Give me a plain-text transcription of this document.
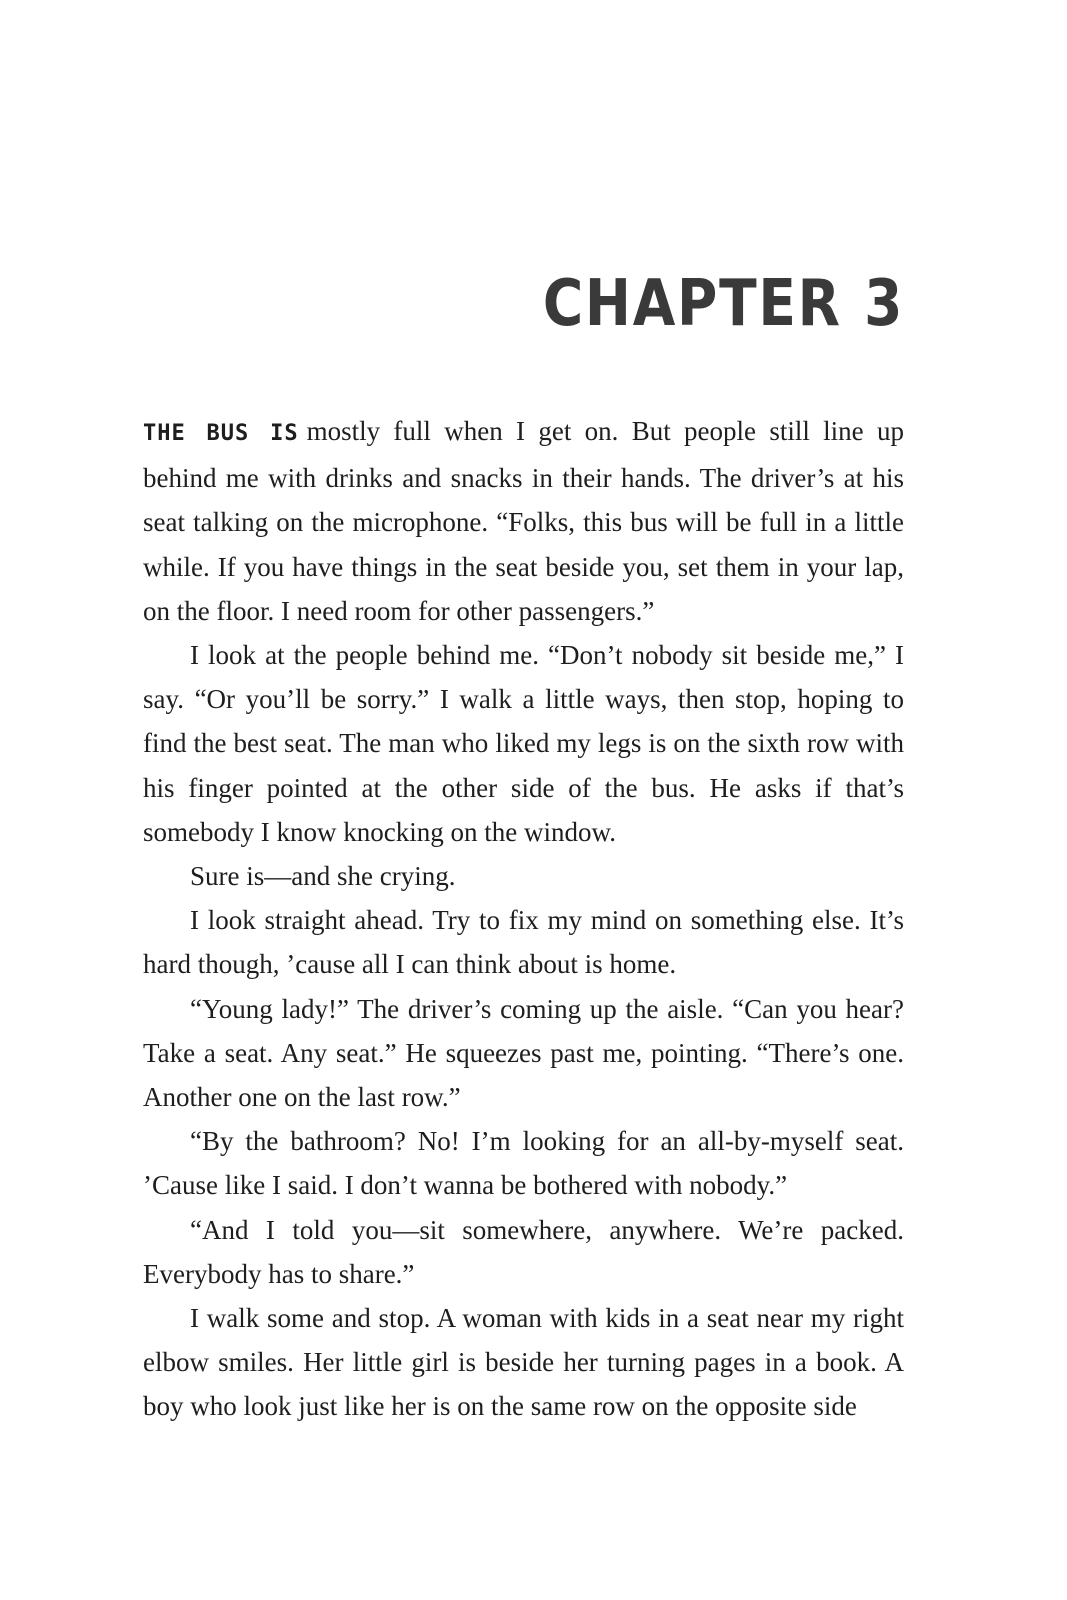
CHAPTER 3

THE BUS IS mostly full when I get on. But people still line up behind me with drinks and snacks in their hands. The driver’s at his seat talking on the microphone. “Folks, this bus will be full in a little while. If you have things in the seat beside you, set them in your lap, on the floor. I need room for other passengers.”

I look at the people behind me. “Don’t nobody sit beside me,” I say. “Or you’ll be sorry.” I walk a little ways, then stop, hoping to find the best seat. The man who liked my legs is on the sixth row with his finger pointed at the other side of the bus. He asks if that’s somebody I know knocking on the window.

Sure is—and she crying.

I look straight ahead. Try to fix my mind on something else. It’s hard though, ’cause all I can think about is home.

“Young lady!” The driver’s coming up the aisle. “Can you hear? Take a seat. Any seat.” He squeezes past me, pointing. “There’s one. Another one on the last row.”

“By the bathroom? No! I’m looking for an all-by-myself seat. ’Cause like I said. I don’t wanna be bothered with nobody.”

“And I told you—sit somewhere, anywhere. We’re packed. Everybody has to share.”

I walk some and stop. A woman with kids in a seat near my right elbow smiles. Her little girl is beside her turning pages in a book. A boy who look just like her is on the same row on the opposite side
